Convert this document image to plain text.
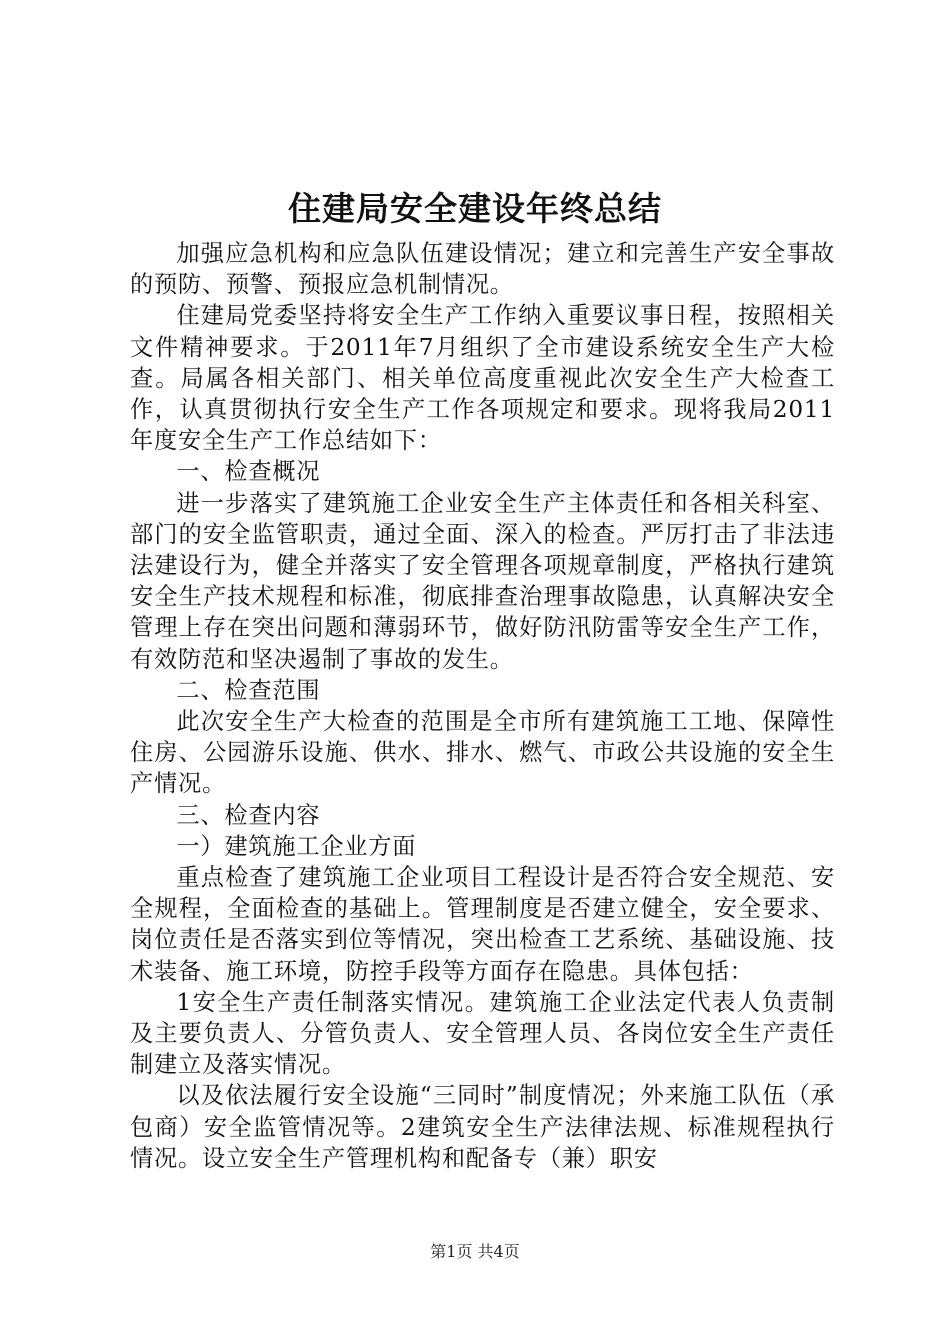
住建局安全建设年终总结

加强应急机构和应急队伍建设情况；建立和完善生产安全事故的预防、预警、预报应急机制情况。

住建局党委坚持将安全生产工作纳入重要议事日程，按照相关文件精神要求。于2011年7月组织了全市建设系统安全生产大检查。局属各相关部门、相关单位高度重视此次安全生产大检查工作，认真贯彻执行安全生产工作各项规定和要求。现将我局2011年度安全生产工作总结如下：

一、检查概况

进一步落实了建筑施工企业安全生产主体责任和各相关科室、部门的安全监管职责，通过全面、深入的检查。严厉打击了非法违法建设行为，健全并落实了安全管理各项规章制度，严格执行建筑安全生产技术规程和标准，彻底排查治理事故隐患，认真解决安全管理上存在突出问题和薄弱环节，做好防汛防雷等安全生产工作，有效防范和坚决遏制了事故的发生。

二、检查范围

此次安全生产大检查的范围是全市所有建筑施工工地、保障性住房、公园游乐设施、供水、排水、燃气、市政公共设施的安全生产情况。

三、检查内容

一）建筑施工企业方面

重点检查了建筑施工企业项目工程设计是否符合安全规范、安全规程，全面检查的基础上。管理制度是否建立健全，安全要求、岗位责任是否落实到位等情况，突出检查工艺系统、基础设施、技术装备、施工环境，防控手段等方面存在隐患。具体包括：

1安全生产责任制落实情况。建筑施工企业法定代表人负责制及主要负责人、分管负责人、安全管理人员、各岗位安全生产责任制建立及落实情况。

以及依法履行安全设施“三同时”制度情况；外来施工队伍（承包商）安全监管情况等。2建筑安全生产法律法规、标准规程执行情况。设立安全生产管理机构和配备专（兼）职安

第1页 共4页
